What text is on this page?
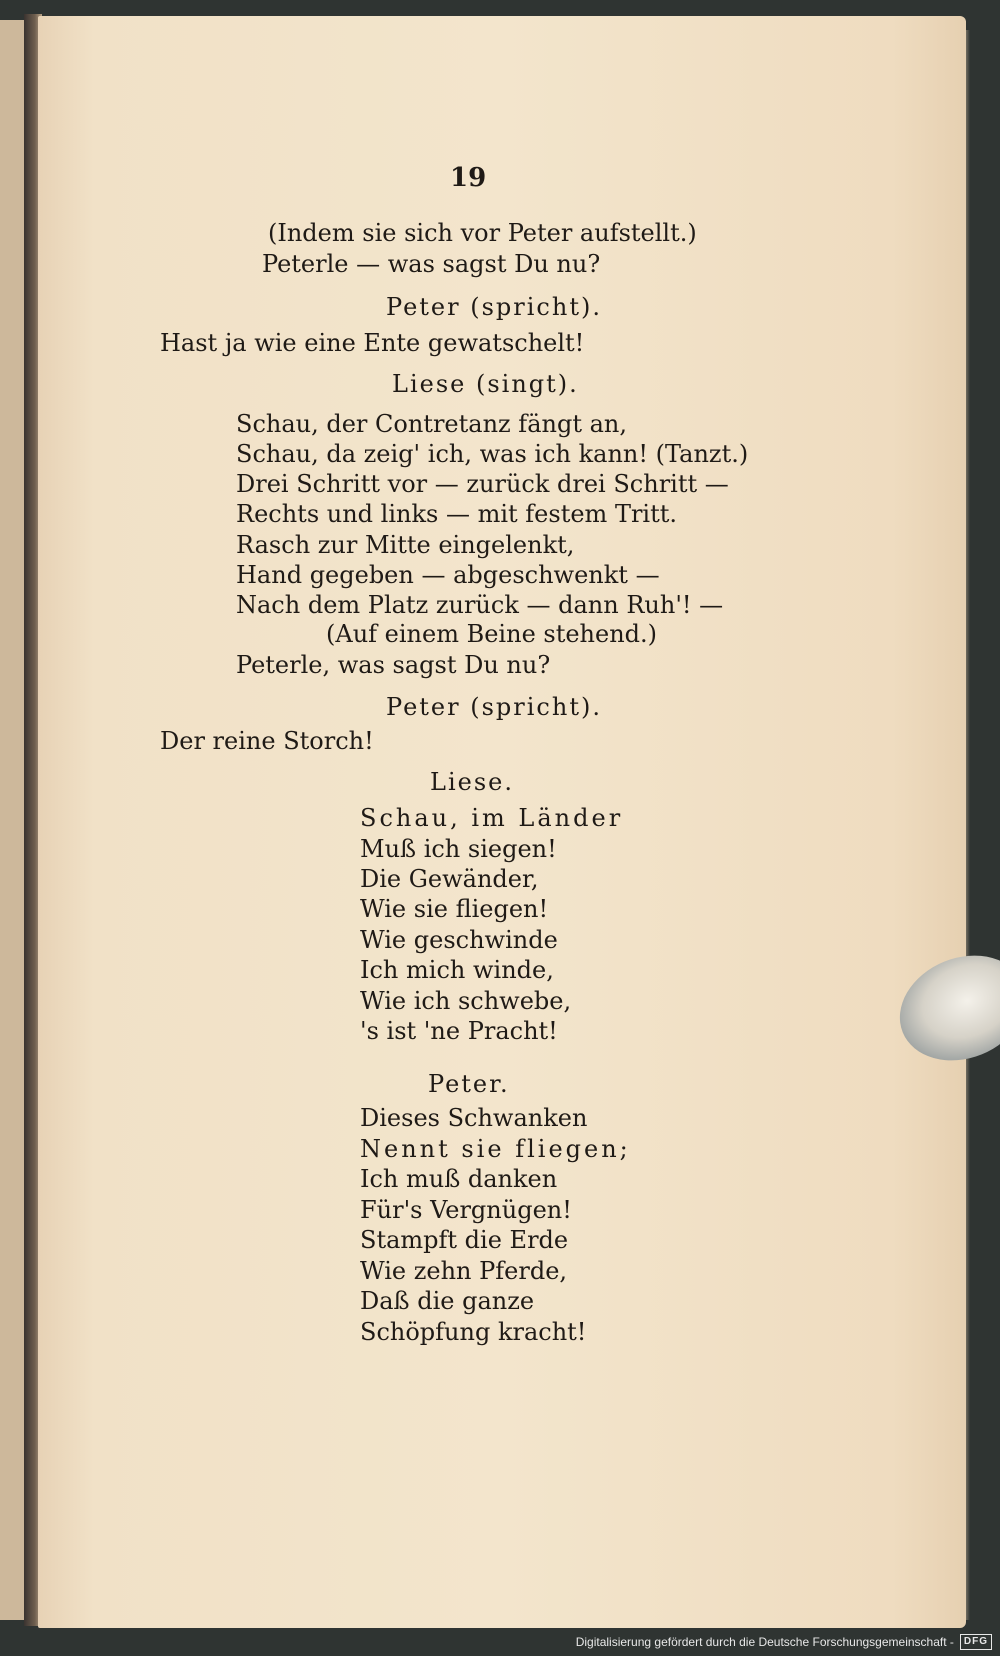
19
(Indem sie sich vor Peter aufstellt.)
Peterle — was sagst Du nu?
Peter (spricht).
Hast ja wie eine Ente gewatschelt!
Liese (singt).
Schau, der Contretanz fängt an,
Schau, da zeig' ich, was ich kann! (Tanzt.)
Drei Schritt vor — zurück drei Schritt —
Rechts und links — mit festem Tritt.
Rasch zur Mitte eingelenkt,
Hand gegeben — abgeschwenkt —
Nach dem Platz zurück — dann Ruh'! —
(Auf einem Beine stehend.)
Peterle, was sagst Du nu?
Peter (spricht).
Der reine Storch!
Liese.
Schau, im Länder
Muß ich siegen!
Die Gewänder,
Wie sie fliegen!
Wie geschwinde
Ich mich winde,
Wie ich schwebe,
's ist 'ne Pracht!
Peter.
Dieses Schwanken
Nennt sie fliegen;
Ich muß danken
Für's Vergnügen!
Stampft die Erde
Wie zehn Pferde,
Daß die ganze
Schöpfung kracht!
Digitalisierung gefördert durch die Deutsche Forschungsgemeinschaft -	DFG
